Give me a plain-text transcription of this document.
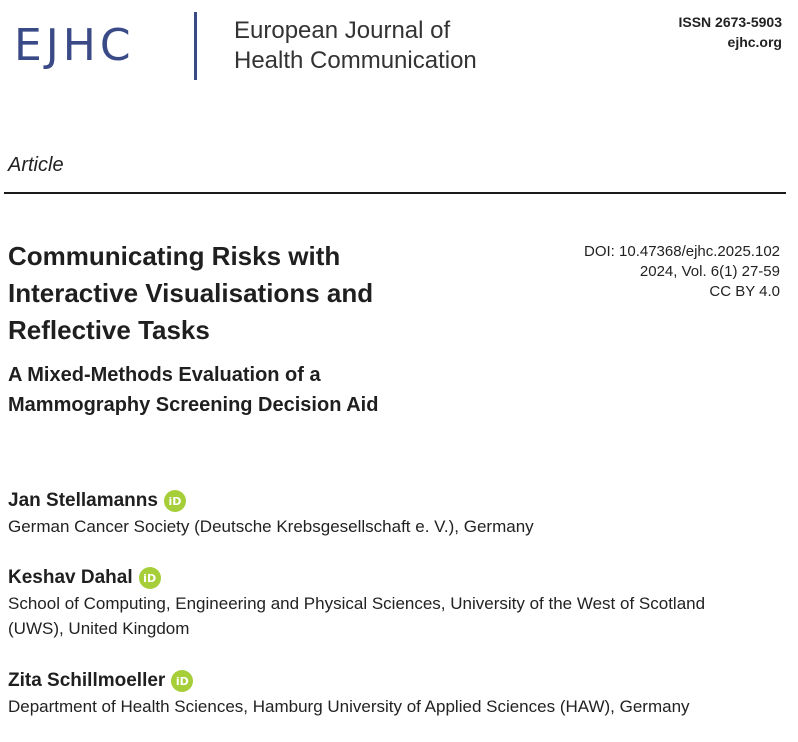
EJHC	European Journal of
Health Communication
ISSN 2673-5903
ejhc.org
Article
Communicating Risks with
Interactive Visualisations and
Reflective Tasks
A Mixed-Methods Evaluation of a
Mammography Screening Decision Aid
DOI: 10.47368/ejhc.2025.102
2024, Vol. 6(1) 27-59
CC BY 4.0
Jan Stellamanns iD
German Cancer Society (Deutsche Krebsgesellschaft e. V.), Germany
Keshav Dahal iD
School of Computing, Engineering and Physical Sciences, University of the West of Scotland
(UWS), United Kingdom
Zita Schillmoeller iD
Department of Health Sciences, Hamburg University of Applied Sciences (HAW), Germany
